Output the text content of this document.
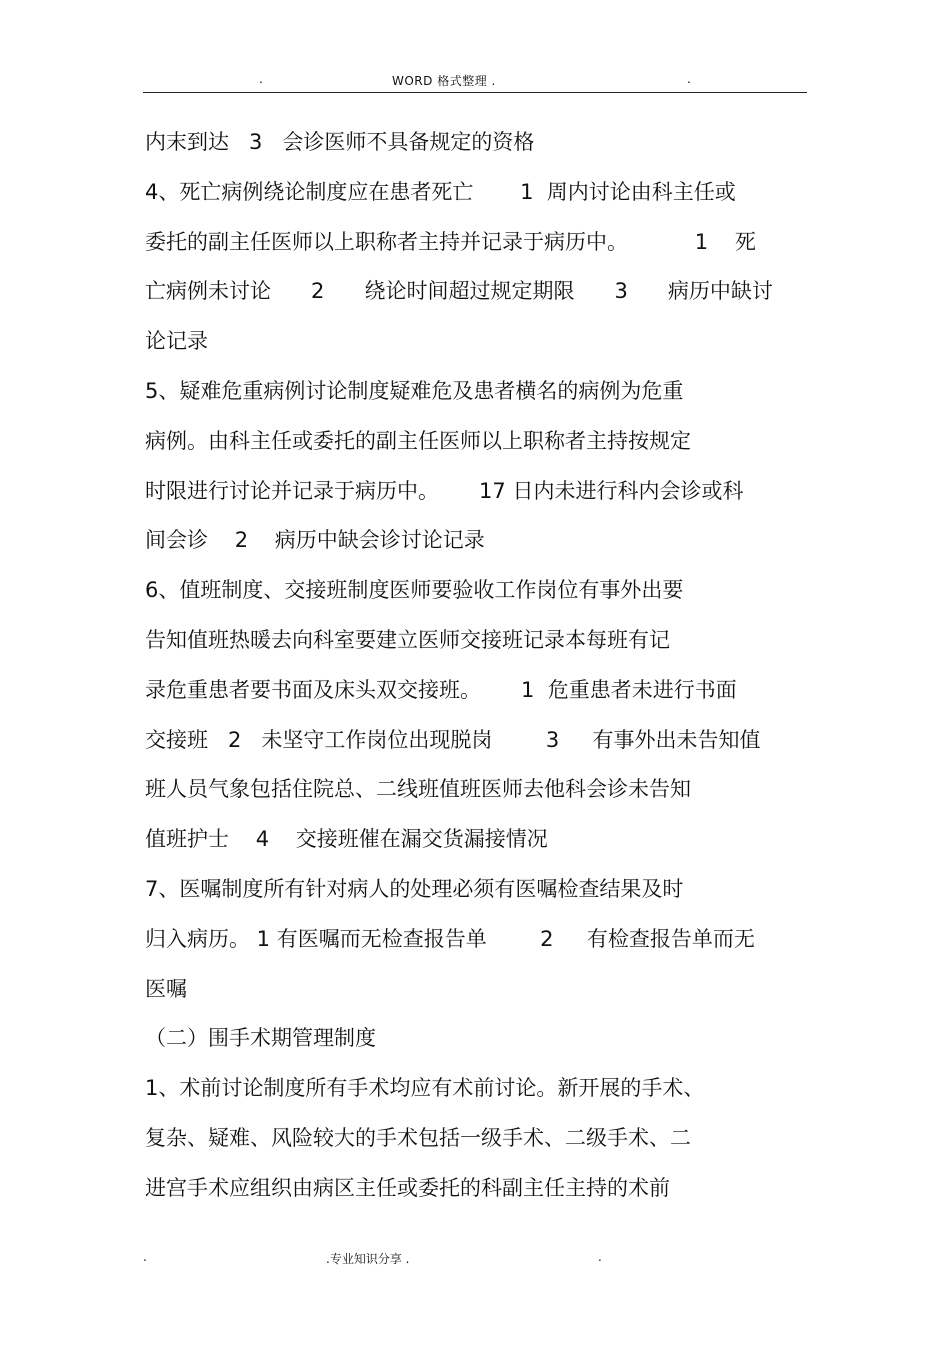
.	WORD 格式整理 .	.
内末到达   3   会诊医师不具备规定的资格
4、死亡病例绕论制度应在患者死亡       1  周内讨论由科主任或
委托的副主任医师以上职称者主持并记录于病历中。          1    死
亡病例未讨论      2      绕论时间超过规定期限      3      病历中缺讨
论记录
5、疑难危重病例讨论制度疑难危及患者横名的病例为危重
病例。由科主任或委托的副主任医师以上职称者主持按规定
时限进行讨论并记录于病历中。      17 日内未进行科内会诊或科
间会诊    2    病历中缺会诊讨论记录
6、值班制度、交接班制度医师要验收工作岗位有事外出要
告知值班热暖去向科室要建立医师交接班记录本每班有记
录危重患者要书面及床头双交接班。      1  危重患者未进行书面
交接班   2   未坚守工作岗位出现脱岗        3     有事外出未告知值
班人员气象包括住院总、二线班值班医师去他科会诊未告知
值班护士    4    交接班催在漏交货漏接情况
7、医嘱制度所有针对病人的处理必须有医嘱检查结果及时
归入病历。 1 有医嘱而无检查报告单        2     有检查报告单而无
医嘱
（二）围手术期管理制度
1、术前讨论制度所有手术均应有术前讨论。新开展的手术、
复杂、疑难、风险较大的手术包括一级手术、二级手术、二
进宫手术应组织由病区主任或委托的科副主任主持的术前
.	.专业知识分享 .	.
